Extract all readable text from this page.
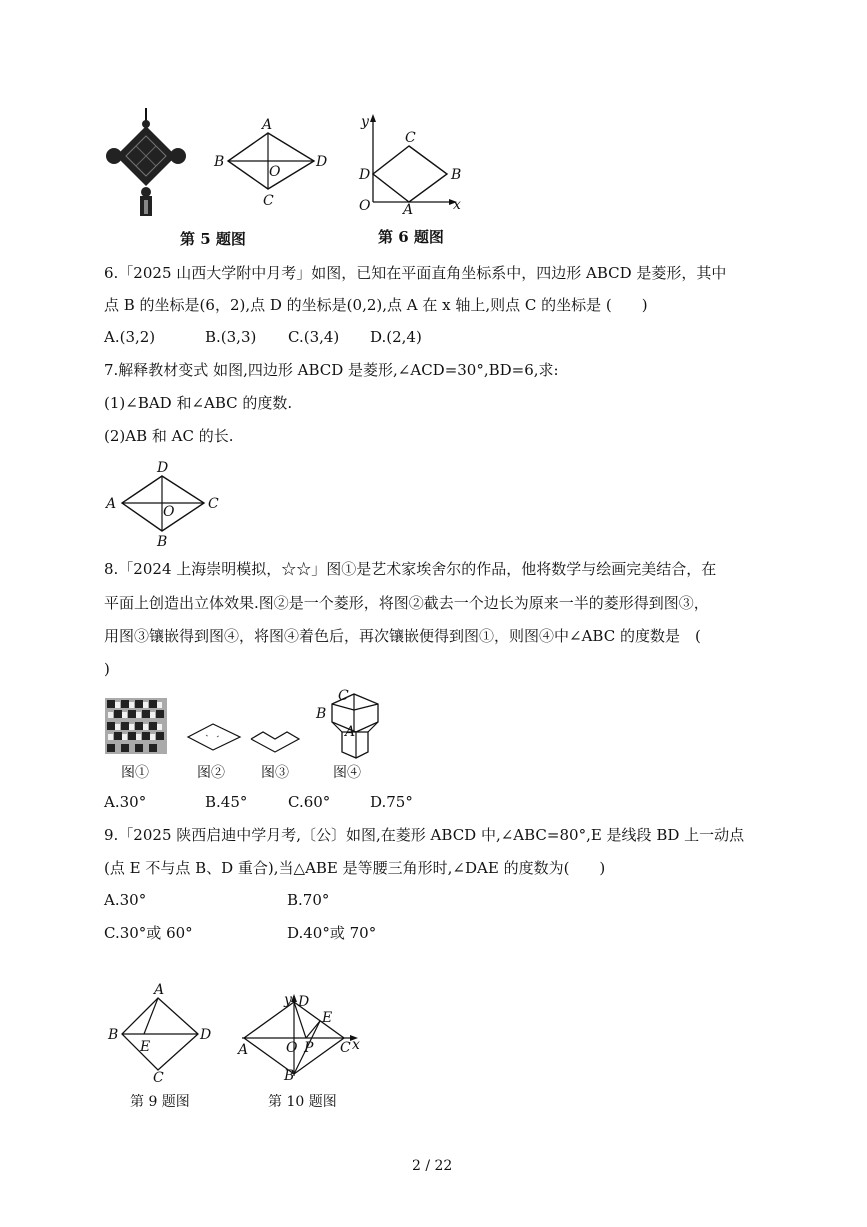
A
B	D
C
O
y
C
D	B
O A	x
第 5 题图	第 6 题图
6.「2025 山西大学附中月考」如图，已知在平面直角坐标系中，四边形 ABCD 是菱形，其中
点 B 的坐标是(6，2),点 D 的坐标是(0,2),点 A 在 x 轴上,则点 C 的坐标是 (　　)
A.(3,2)	B.(3,3) C.(3,4) D.(2,4)
7.解释教材变式 如图,四边形 ABCD 是菱形,∠ACD=30°,BD=6,求:
(1)∠BAD 和∠ABC 的度数.
(2)AB 和 AC 的长.
D
A	C
O
B
8.「2024 上海崇明模拟，☆☆」图①是艺术家埃舍尔的作品，他将数学与绘画完美结合，在
平面上创造出立体效果.图②是一个菱形，将图②截去一个边长为原来一半的菱形得到图③，
用图③镶嵌得到图④，将图④着色后，再次镶嵌便得到图①，则图④中∠ABC 的度数是　(
)
C
B
A
图①	图②	图③	图④
A.30°	B.45°	C.60°	D.75°
9.「2025 陕西启迪中学月考,〔公〕如图,在菱形 ABCD 中,∠ABC=80°,E 是线段 BD 上一动点
(点 E 不与点 B、D 重合),当△ABE 是等腰三角形时,∠DAE 的度数为(　　)
A.30°	B.70°
C.30°或 60°	D.40°或 70°
A
B	D
E
C
y D
E
A	O P C x
B
第 9 题图	第 10 题图
2 / 22
